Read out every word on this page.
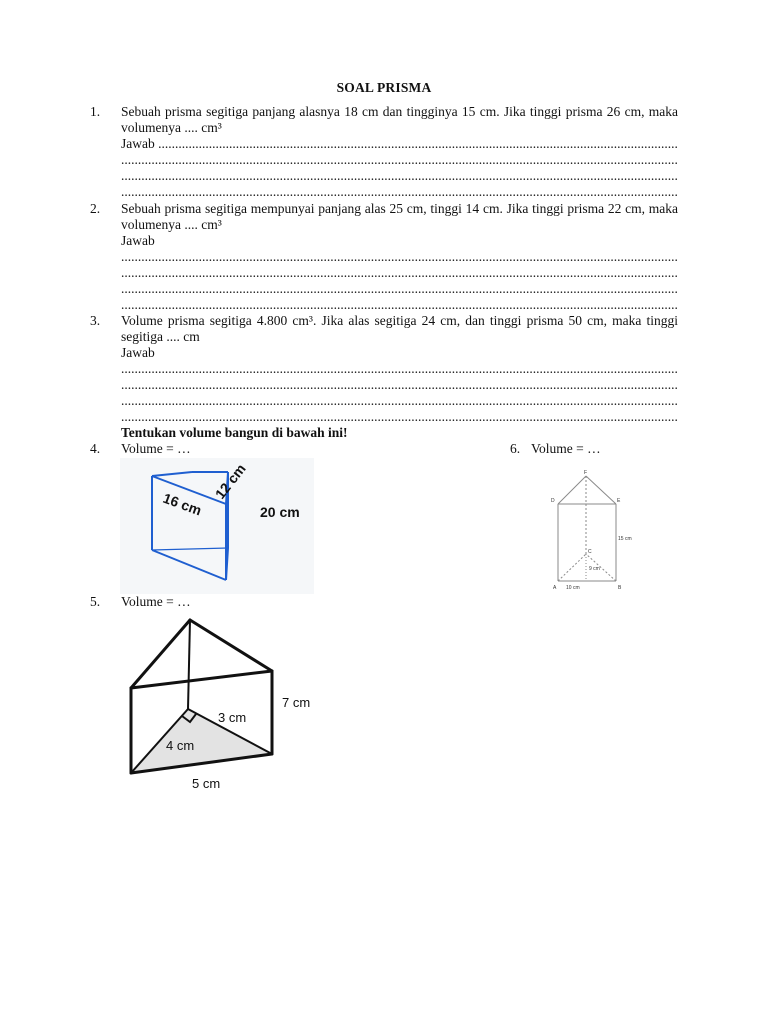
SOAL PRISMA
1.	Sebuah prisma segitiga panjang alasnya 18 cm dan tingginya 15 cm. Jika tinggi prisma 26 cm, maka volumenya .... cm³
Jawab .....
.....
.....
.....
2.	Sebuah prisma segitiga mempunyai panjang alas 25 cm, tinggi 14 cm. Jika tinggi prisma 22 cm, maka volumenya .... cm³
Jawab
.....
.....
.....
.....
3.	Volume prisma segitiga 4.800 cm³. Jika alas segitiga 24 cm, dan tinggi prisma 50 cm, maka tinggi segitiga .... cm
Jawab
.....
.....
.....
.....
Tentukan volume bangun di bawah ini!
4. Volume = …	6. Volume = …
16 cm
12 cm
20 cm
F
D	E
C
A	B
15 cm
9 cm
10 cm
5. Volume = …
7 cm
3 cm
4 cm
5 cm
